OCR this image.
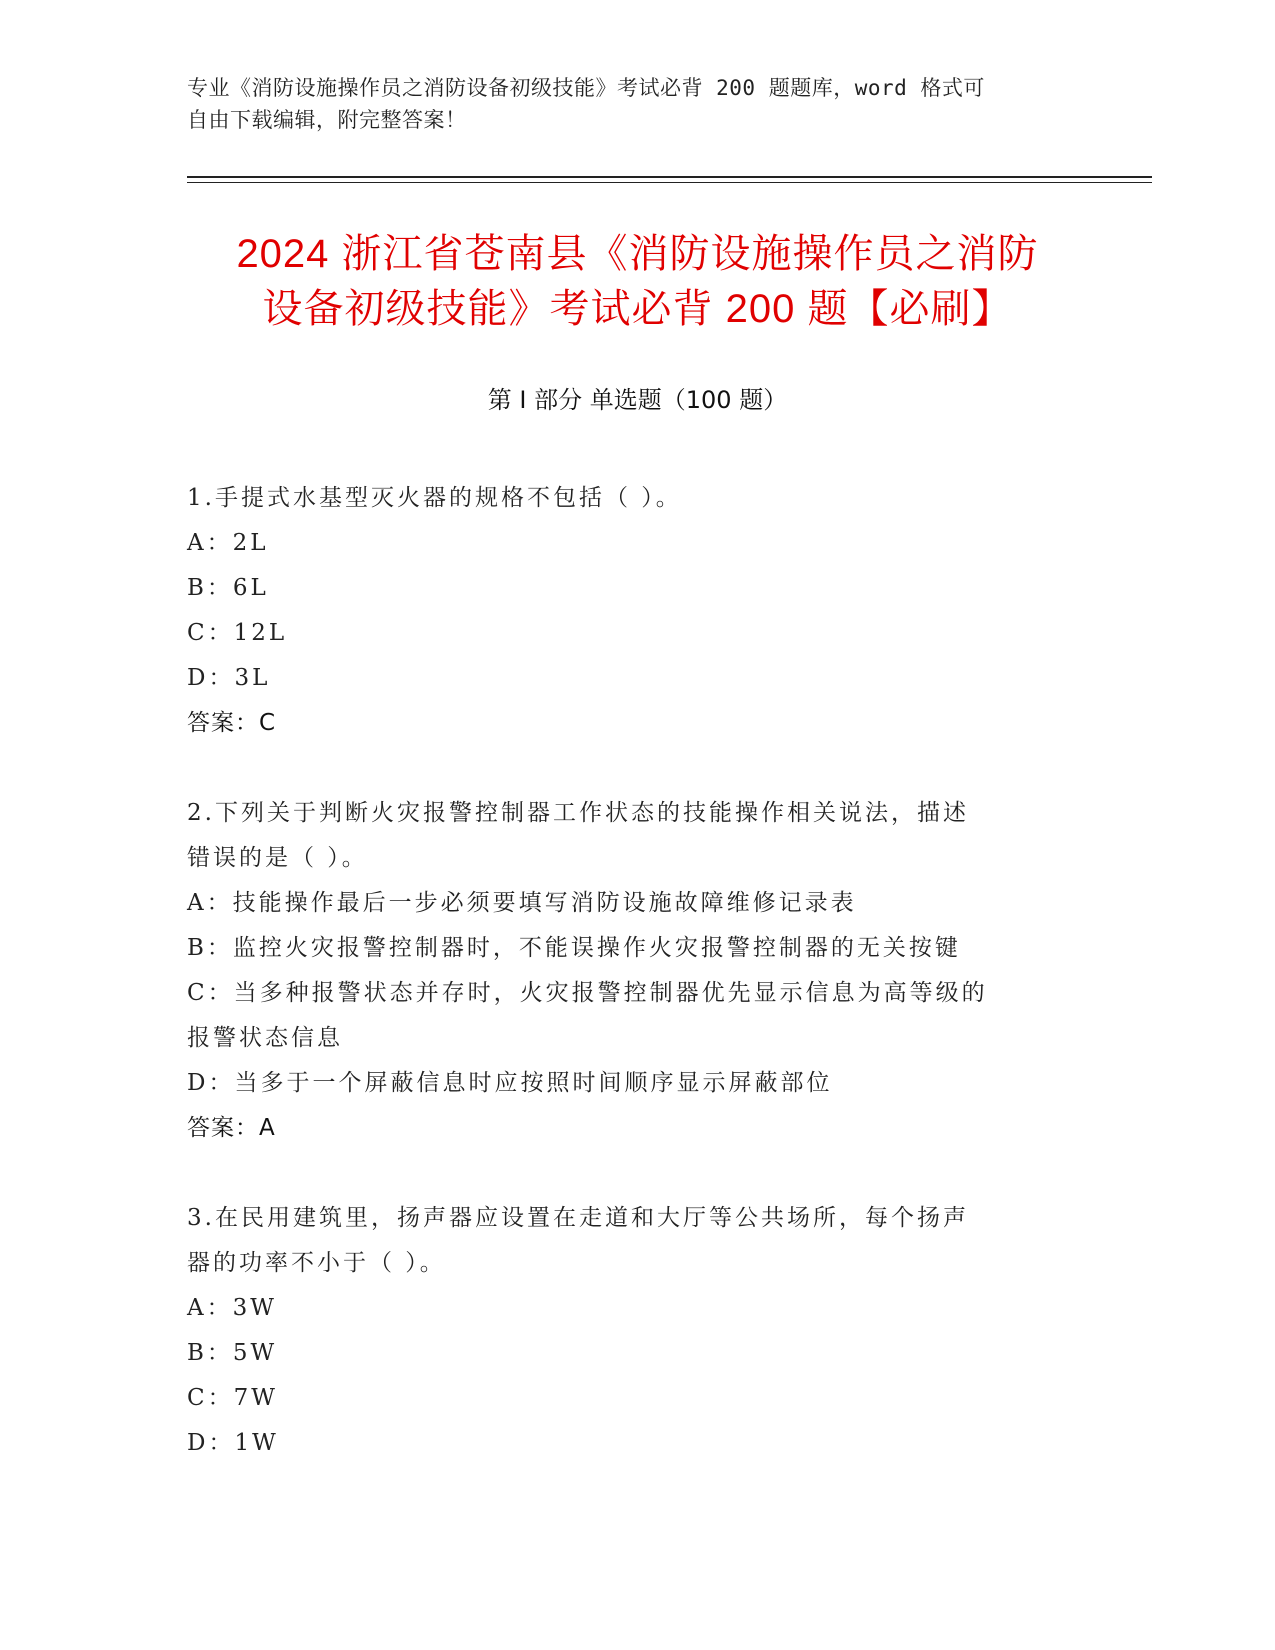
专业《消防设施操作员之消防设备初级技能》考试必背 200 题题库，word 格式可
自由下载编辑，附完整答案！
2024 浙江省苍南县《消防设施操作员之消防
设备初级技能》考试必背 200 题【必刷】
第 I 部分 单选题（100 题）
1.手提式水基型灭火器的规格不包括（ ）。
A：2L
B：6L
C：12L
D：3L
答案：C
2.下列关于判断火灾报警控制器工作状态的技能操作相关说法，描述
错误的是（ ）。
A：技能操作最后一步必须要填写消防设施故障维修记录表
B：监控火灾报警控制器时，不能误操作火灾报警控制器的无关按键
C：当多种报警状态并存时，火灾报警控制器优先显示信息为高等级的
报警状态信息
D：当多于一个屏蔽信息时应按照时间顺序显示屏蔽部位
答案：A
3.在民用建筑里，扬声器应设置在走道和大厅等公共场所，每个扬声
器的功率不小于（ ）。
A：3W
B：5W
C：7W
D：1W
